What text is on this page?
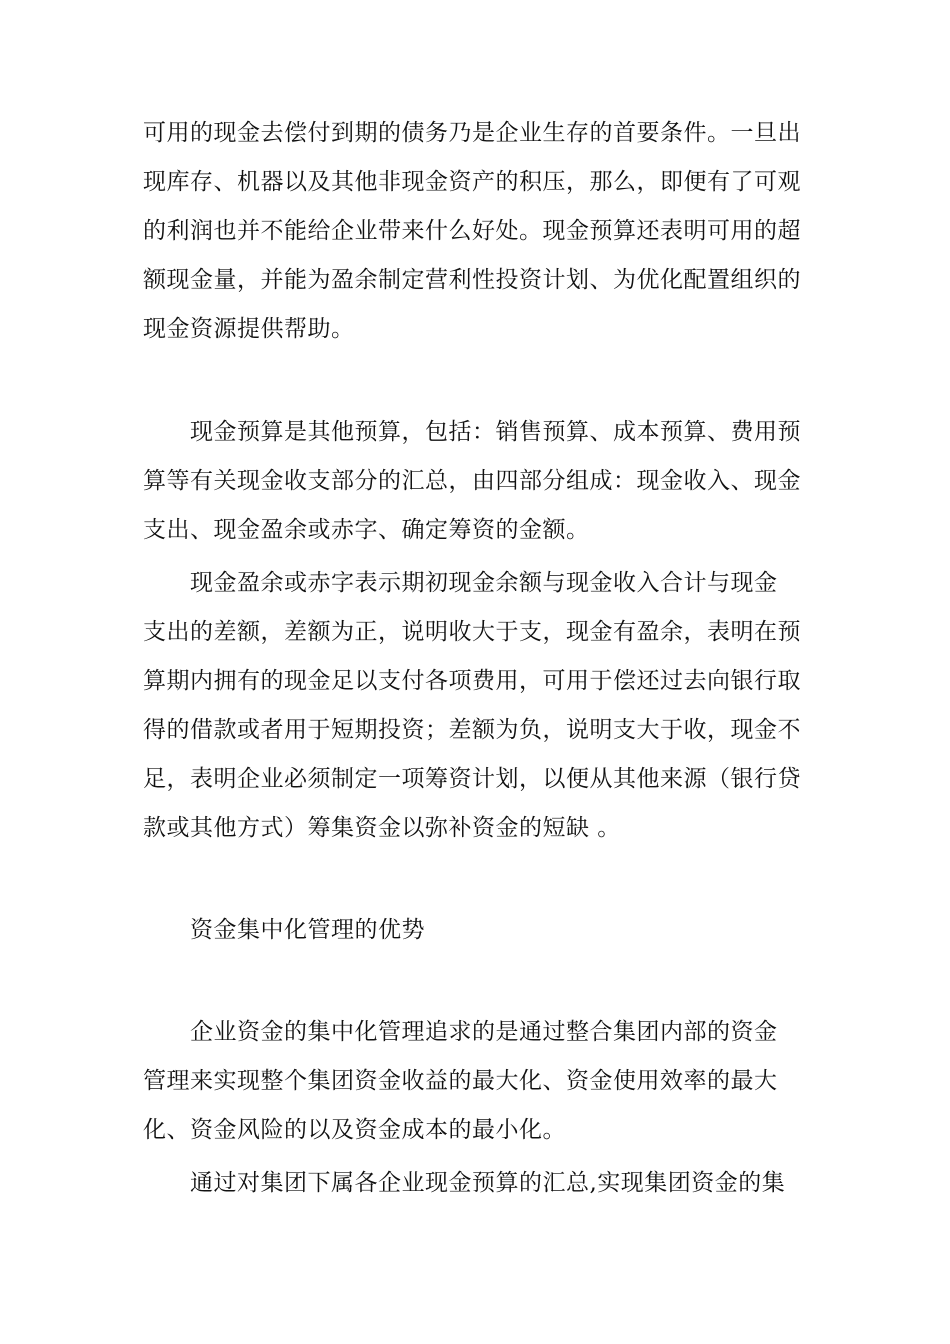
可用的现金去偿付到期的债务乃是企业生存的首要条件。一旦出
现库存、机器以及其他非现金资产的积压，那么，即便有了可观
的利润也并不能给企业带来什么好处。现金预算还表明可用的超
额现金量，并能为盈余制定营利性投资计划、为优化配置组织的
现金资源提供帮助。
现金预算是其他预算，包括：销售预算、成本预算、费用预
算等有关现金收支部分的汇总，由四部分组成：现金收入、现金
支出、现金盈余或赤字、确定筹资的金额。
现金盈余或赤字表示期初现金余额与现金收入合计与现金
支出的差额，差额为正，说明收大于支，现金有盈余，表明在预
算期内拥有的现金足以支付各项费用，可用于偿还过去向银行取
得的借款或者用于短期投资；差额为负，说明支大于收，现金不
足，表明企业必须制定一项筹资计划，以便从其他来源（银行贷
款或其他方式）筹集资金以弥补资金的短缺 。
资金集中化管理的优势
企业资金的集中化管理追求的是通过整合集团内部的资金
管理来实现整个集团资金收益的最大化、资金使用效率的最大
化、资金风险的以及资金成本的最小化。
通过对集团下属各企业现金预算的汇总,实现集团资金的集
